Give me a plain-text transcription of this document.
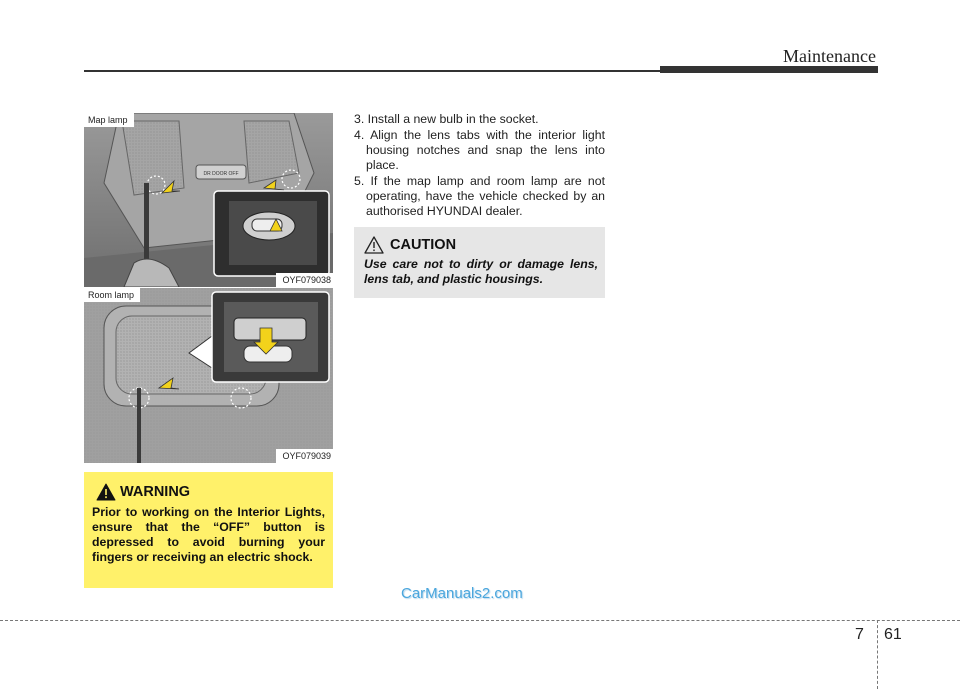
Maintenance
DR DOOR OFF
Map lamp
OYF079038
Room lamp
OYF079039
3. Install a new bulb in the socket.
4. Align the lens tabs with the interior light housing notches and snap the lens into place.
5. If the map lamp and room lamp are not operating, have the vehicle checked by an authorised HYUNDAI dealer.
CAUTION
Use care not to dirty or damage lens, lens tab, and plastic housings.
WARNING
Prior to working on the Interior Lights, ensure that the “OFF” button is depressed to avoid burning your fingers or receiving an electric shock.
CarManuals2.com
7 61
